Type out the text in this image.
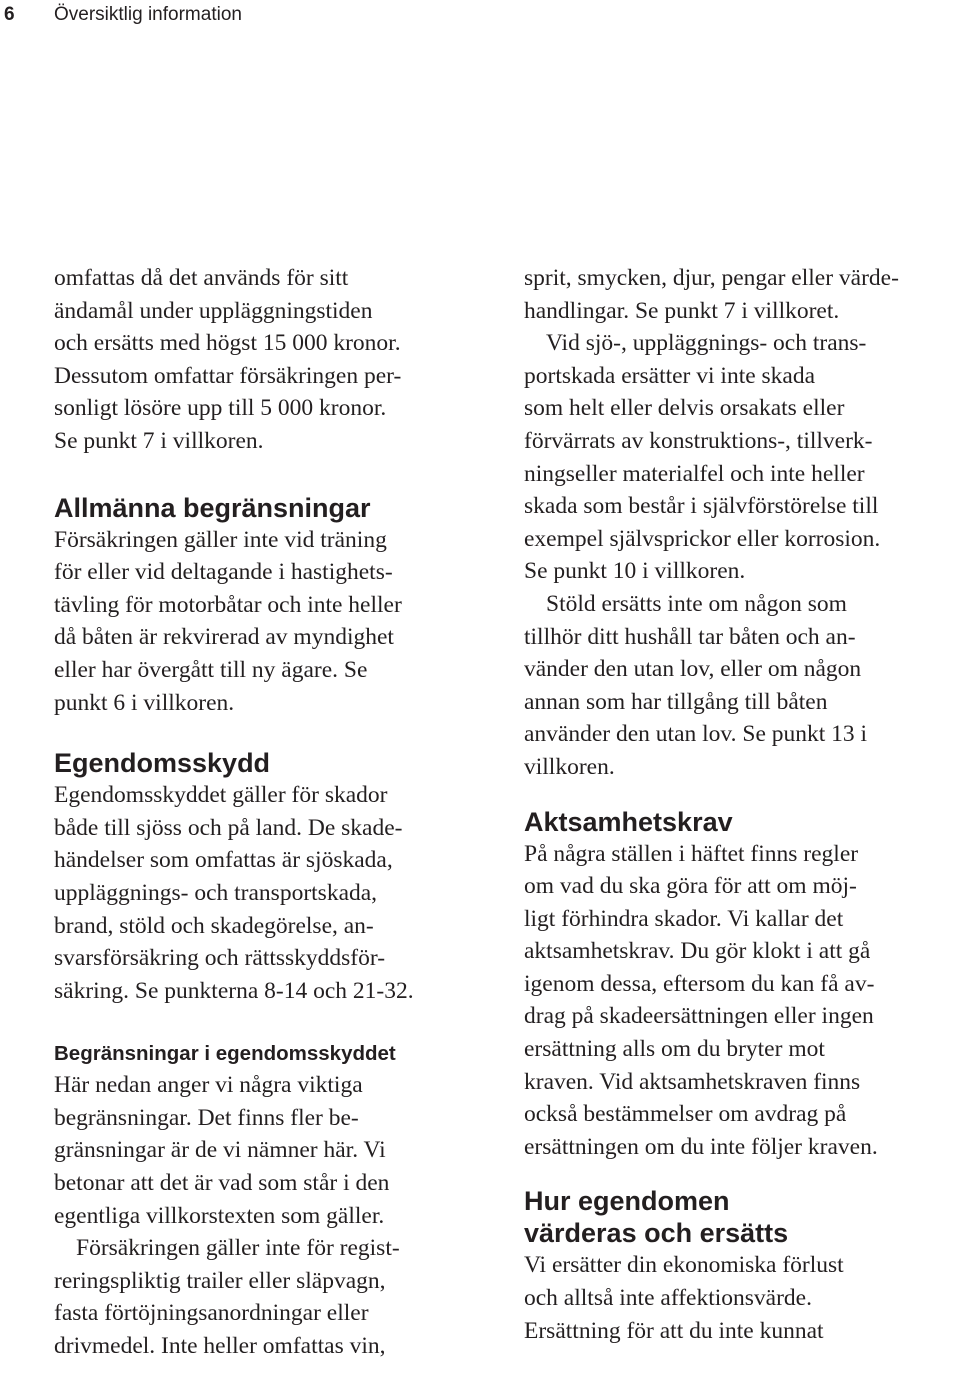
6 Översiktlig information

omfattas då det används för sitt
ändamål under uppläggningstiden
och ersätts med högst 15 000 kronor.
Dessutom omfattar försäkringen per-
sonligt lösöre upp till 5 000 kronor.
Se punkt 7 i villkoren.

Allmänna begränsningar

Försäkringen gäller inte vid träning
för eller vid deltagande i hastighets-
tävling för motorbåtar och inte heller
då båten är rekvirerad av myndighet
eller har övergått till ny ägare. Se
punkt 6 i villkoren.

Egendomsskydd

Egendomsskyddet gäller för skador
både till sjöss och på land. De skade-
händelser som omfattas är sjöskada,
uppläggnings- och transportskada,
brand, stöld och skadegörelse, an-
svarsförsäkring och rättsskyddsför-
säkring. Se punkterna 8-14 och 21-32.

Begränsningar i egendomsskyddet

Här nedan anger vi några viktiga
begränsningar. Det finns fler be-
gränsningar är de vi nämner här. Vi
betonar att det är vad som står i den
egentliga villkorstexten som gäller.

Försäkringen gäller inte för regist-
reringspliktig trailer eller släpvagn,
fasta förtöjningsanordningar eller
drivmedel. Inte heller omfattas vin,

sprit, smycken, djur, pengar eller värde-
handlingar. Se punkt 7 i villkoret.

Vid sjö-, uppläggnings- och trans-
portskada ersätter vi inte skada
som helt eller delvis orsakats eller
förvärrats av konstruktions-, tillverk-
ningseller materialfel och inte heller
skada som består i självförstörelse till
exempel självsprickor eller korrosion.
Se punkt 10 i villkoren.

Stöld ersätts inte om någon som
tillhör ditt hushåll tar båten och an-
vänder den utan lov, eller om någon
annan som har tillgång till båten
använder den utan lov. Se punkt 13 i
villkoren.

Aktsamhetskrav

På några ställen i häftet finns regler
om vad du ska göra för att om möj-
ligt förhindra skador. Vi kallar det
aktsamhetskrav. Du gör klokt i att gå
igenom dessa, eftersom du kan få av-
drag på skadeersättningen eller ingen
ersättning alls om du bryter mot
kraven. Vid aktsamhetskraven finns
också bestämmelser om avdrag på
ersättningen om du inte följer kraven.

Hur egendomen
värderas och ersätts

Vi ersätter din ekonomiska förlust
och alltså inte affektionsvärde.
Ersättning för att du inte kunnat
